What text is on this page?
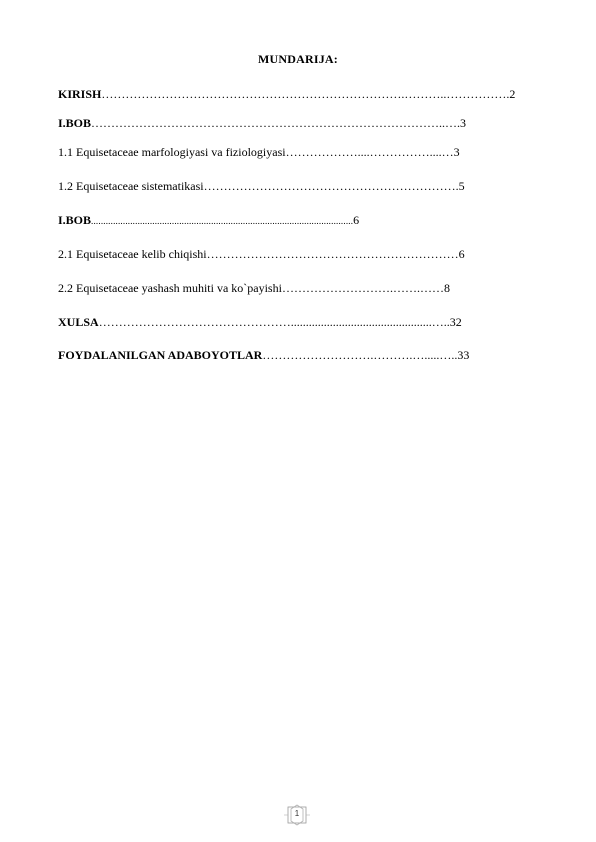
MUNDARIJA:
KIRISH………………………………………………………………….………..…………….2
I.BOB……………………………………………………………………………..….3
1.1 Equisetaceae marfologiyasi va fiziologiyasi………………....……………....…3
1.2 Equisetaceae sistematikasi……………………………………………………….5
I.BOB...........................................................................................................6
2.1 Equisetaceae kelib chiqishi………………………………………………………6
2.2 Equisetaceae yashash muhiti va ko`payishi……………………….…….……8
XULSA…………………………………………...............................................…..32
FOYDALANILGAN ADABOYOTLAR……………………….……….….....…..33
1
